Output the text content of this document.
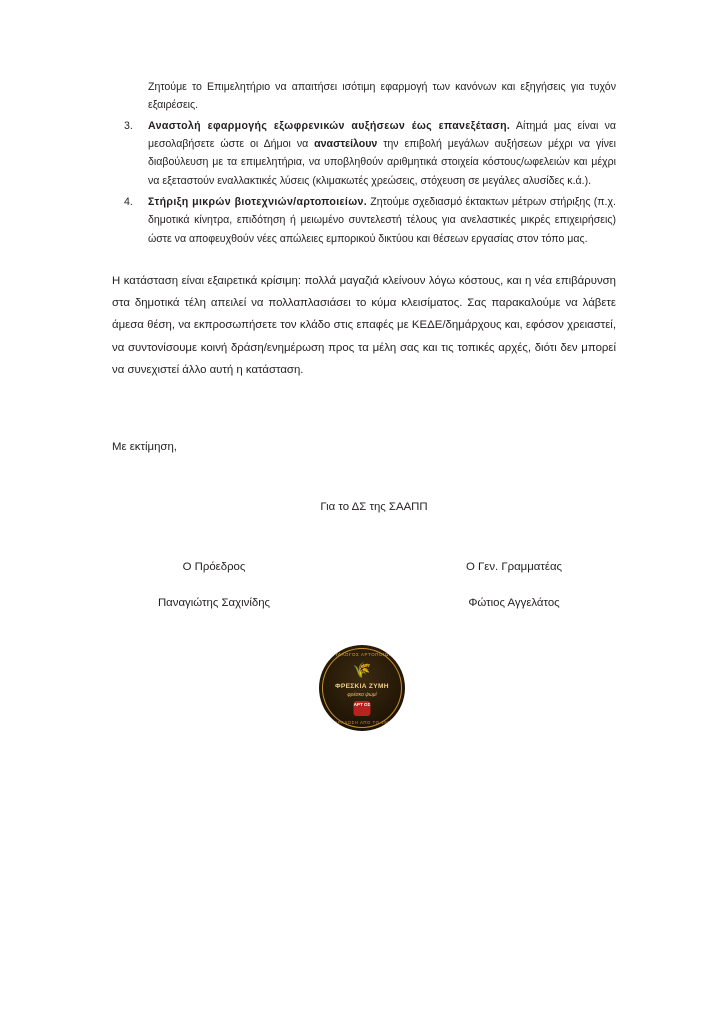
Ζητούμε το Επιμελητήριο να απαιτήσει ισότιμη εφαρμογή των κανόνων και εξηγήσεις για τυχόν εξαιρέσεις.

3. Αναστολή εφαρμογής εξωφρενικών αυξήσεων έως επανεξέταση. Αίτημά μας είναι να μεσολαβήσετε ώστε οι Δήμοι να αναστείλουν την επιβολή μεγάλων αυξήσεων μέχρι να γίνει διαβούλευση με τα επιμελητήρια, να υποβληθούν αριθμητικά στοιχεία κόστους/ωφελειών και μέχρι να εξεταστούν εναλλακτικές λύσεις (κλιμακωτές χρεώσεις, στόχευση σε μεγάλες αλυσίδες κ.ά.).
4. Στήριξη μικρών βιοτεχνιών/αρτοποιείων. Ζητούμε σχεδιασμό έκτακτων μέτρων στήριξης (π.χ. δημοτικά κίνητρα, επιδότηση ή μειωμένο συντελεστή τέλους για ανελαστικές μικρές επιχειρήσεις) ώστε να αποφευχθούν νέες απώλειες εμπορικού δικτύου και θέσεων εργασίας στον τόπο μας.

Η κατάσταση είναι εξαιρετικά κρίσιμη: πολλά μαγαζιά κλείνουν λόγω κόστους, και η νέα επιβάρυνση στα δημοτικά τέλη απειλεί να πολλαπλασιάσει το κύμα κλεισίματος. Σας παρακαλούμε να λάβετε άμεσα θέση, να εκπροσωπήσετε τον κλάδο στις επαφές με ΚΕΔΕ/δημάρχους και, εφόσον χρειαστεί, να συντονίσουμε κοινή δράση/ενημέρωση προς τα μέλη σας και τις τοπικές αρχές, διότι δεν μπορεί να συνεχιστεί άλλο αυτή η κατάσταση.

Με εκτίμηση,

Για το ΔΣ της ΣΑΑΠΠ

Ο Πρόεδρος
Παναγιώτης Σαχινίδης
Ο Γεν. Γραμματέας
Φώτιος Αγγελάτος
ΣΥΛΛΟΓΟΣ ΑΡΤΟΠΟΙΩΝ
🌾
ΦΡΕΣΚΙΑ ΖΥΜΗ
φρέσκο ψωμί
ΑΡΤ ΟΣ
ΠΑΡΑΔΟΣΗ ΑΠΟ ΤΟ 1970
